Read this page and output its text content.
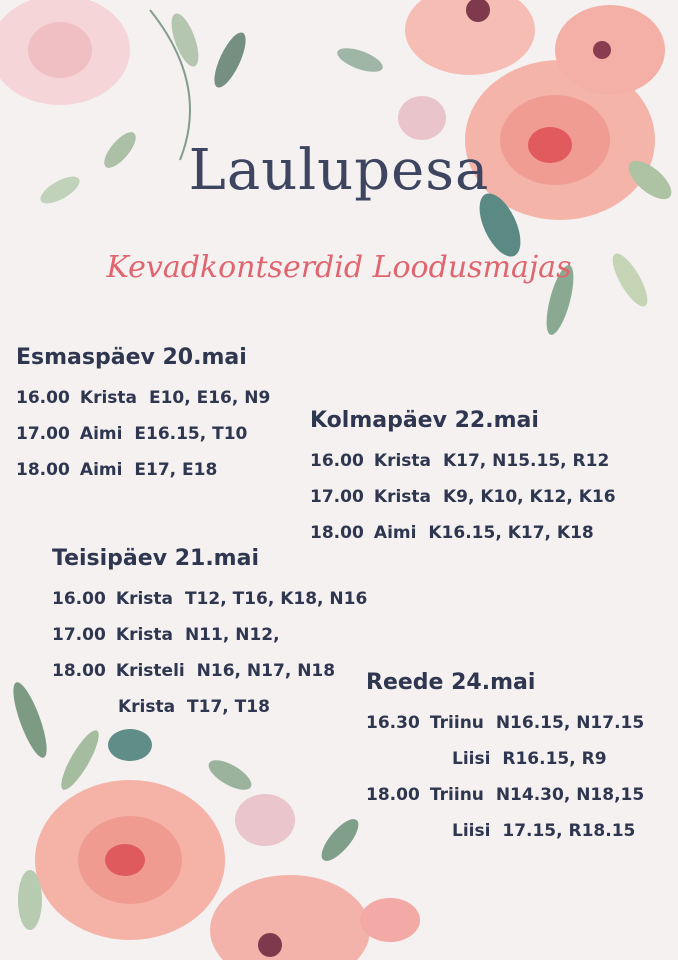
Laulupesa
Kevadkontserdid Loodusmajas
Esmaspäev 20.mai
16.00 Krista E10, E16, N9
17.00 Aimi E16.15, T10
18.00 Aimi E17, E18
Kolmapäev 22.mai
16.00 Krista K17, N15.15, R12
17.00 Krista K9, K10, K12, K16
18.00 Aimi K16.15, K17, K18
Teisipäev 21.mai
16.00 Krista T12, T16, K18, N16
17.00 Krista N11, N12,
18.00 Kristeli N16, N17, N18
Krista T17, T18
Reede 24.mai
16.30 Triinu N16.15, N17.15
Liisi R16.15, R9
18.00 Triinu N14.30, N18,15
Liisi 17.15, R18.15
